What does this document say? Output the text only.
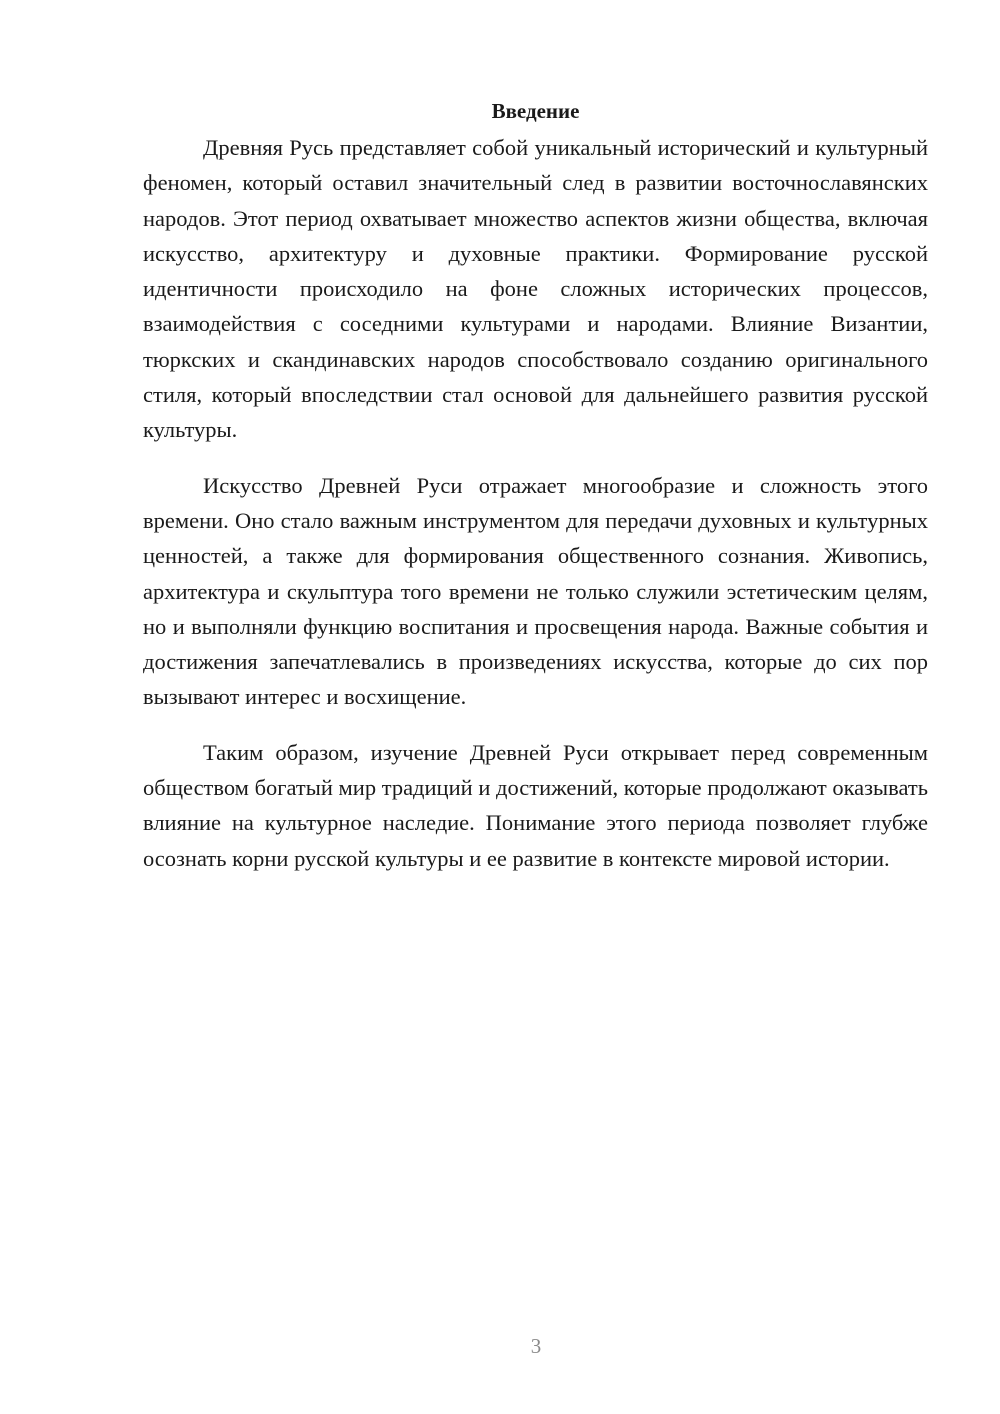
Введение

Древняя Русь представляет собой уникальный исторический и культурный феномен, который оставил значительный след в развитии восточнославянских народов. Этот период охватывает множество аспектов жизни общества, включая искусство, архитектуру и духовные практики. Формирование русской идентичности происходило на фоне сложных исторических процессов, взаимодействия с соседними культурами и народами. Влияние Византии, тюркских и скандинавских народов способствовало созданию оригинального стиля, который впоследствии стал основой для дальнейшего развития русской культуры.

Искусство Древней Руси отражает многообразие и сложность этого времени. Оно стало важным инструментом для передачи духовных и культурных ценностей, а также для формирования общественного сознания. Живопись, архитектура и скульптура того времени не только служили эстетическим целям, но и выполняли функцию воспитания и просвещения народа. Важные события и достижения запечатлевались в произведениях искусства, которые до сих пор вызывают интерес и восхищение.

Таким образом, изучение Древней Руси открывает перед современным обществом богатый мир традиций и достижений, которые продолжают оказывать влияние на культурное наследие. Понимание этого периода позволяет глубже осознать корни русской культуры и ее развитие в контексте мировой истории.

3
